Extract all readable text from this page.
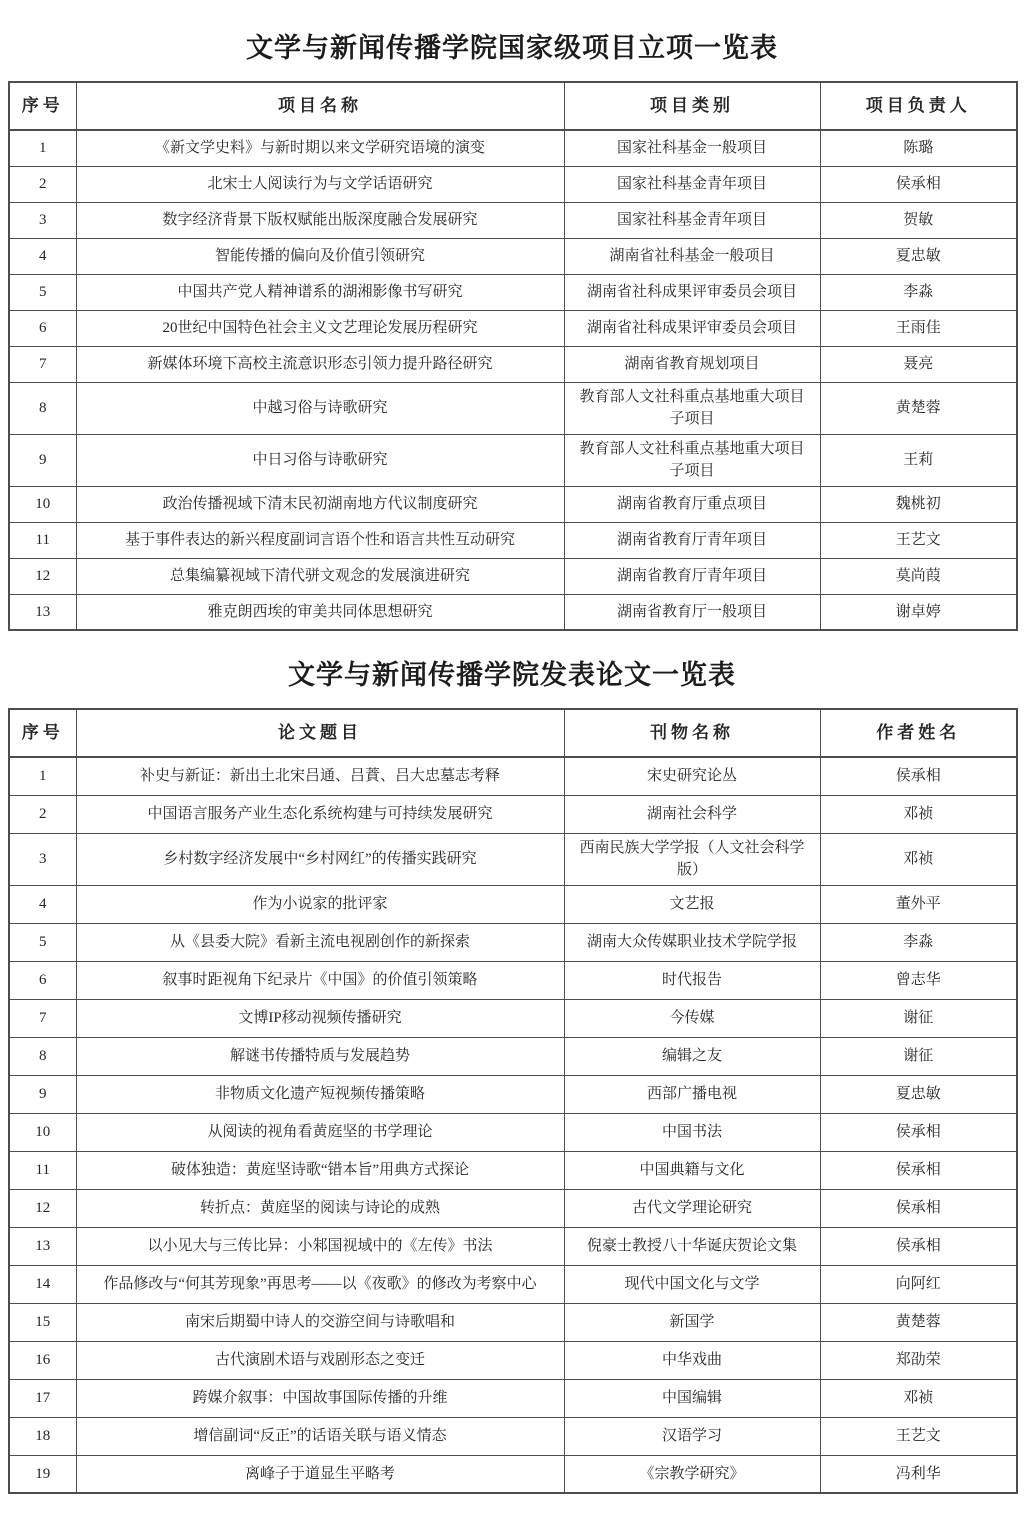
文学与新闻传播学院国家级项目立项一览表
序号	项目名称	项目类别	项目负责人
1	《新文学史料》与新时期以来文学研究语境的演变	国家社科基金一般项目	陈璐
2	北宋士人阅读行为与文学话语研究	国家社科基金青年项目	侯承相
3	数字经济背景下版权赋能出版深度融合发展研究	国家社科基金青年项目	贺敏
4	智能传播的偏向及价值引领研究	湖南省社科基金一般项目	夏忠敏
5	中国共产党人精神谱系的湖湘影像书写研究	湖南省社科成果评审委员会项目	李淼
6	20世纪中国特色社会主义文艺理论发展历程研究	湖南省社科成果评审委员会项目	王雨佳
7	新媒体环境下高校主流意识形态引领力提升路径研究	湖南省教育规划项目	聂亮
8	中越习俗与诗歌研究	教育部人文社科重点基地重大项目子项目	黄楚蓉
9	中日习俗与诗歌研究	教育部人文社科重点基地重大项目子项目	王莉
10	政治传播视域下清末民初湖南地方代议制度研究	湖南省教育厅重点项目	魏桃初
11	基于事件表达的新兴程度副词言语个性和语言共性互动研究	湖南省教育厅青年项目	王艺文
12	总集编纂视域下清代骈文观念的发展演进研究	湖南省教育厅青年项目	莫尚葭
13	雅克朗西埃的审美共同体思想研究	湖南省教育厅一般项目	谢卓婷
文学与新闻传播学院发表论文一览表
序号	论文题目	刊物名称	作者姓名
1	补史与新证：新出土北宋吕通、吕蕡、吕大忠墓志考释	宋史研究论丛	侯承相
2	中国语言服务产业生态化系统构建与可持续发展研究	湖南社会科学	邓祯
3	乡村数字经济发展中“乡村网红”的传播实践研究	西南民族大学学报（人文社会科学版）	邓祯
4	作为小说家的批评家	文艺报	董外平
5	从《县委大院》看新主流电视剧创作的新探索	湖南大众传媒职业技术学院学报	李淼
6	叙事时距视角下纪录片《中国》的价值引领策略	时代报告	曾志华
7	文博IP移动视频传播研究	今传媒	谢征
8	解谜书传播特质与发展趋势	编辑之友	谢征
9	非物质文化遗产短视频传播策略	西部广播电视	夏忠敏
10	从阅读的视角看黄庭坚的书学理论	中国书法	侯承相
11	破体独造：黄庭坚诗歌“错本旨”用典方式探论	中国典籍与文化	侯承相
12	转折点：黄庭坚的阅读与诗论的成熟	古代文学理论研究	侯承相
13	以小见大与三传比异：小邾国视域中的《左传》书法	倪豪士教授八十华诞庆贺论文集	侯承相
14	作品修改与“何其芳现象”再思考——以《夜歌》的修改为考察中心	现代中国文化与文学	向阿红
15	南宋后期蜀中诗人的交游空间与诗歌唱和	新国学	黄楚蓉
16	古代演剧术语与戏剧形态之变迁	中华戏曲	郑劭荣
17	跨媒介叙事：中国故事国际传播的升维	中国编辑	邓祯
18	增信副词“反正”的话语关联与语义情态	汉语学习	王艺文
19	离峰子于道显生平略考	《宗教学研究》	冯利华
